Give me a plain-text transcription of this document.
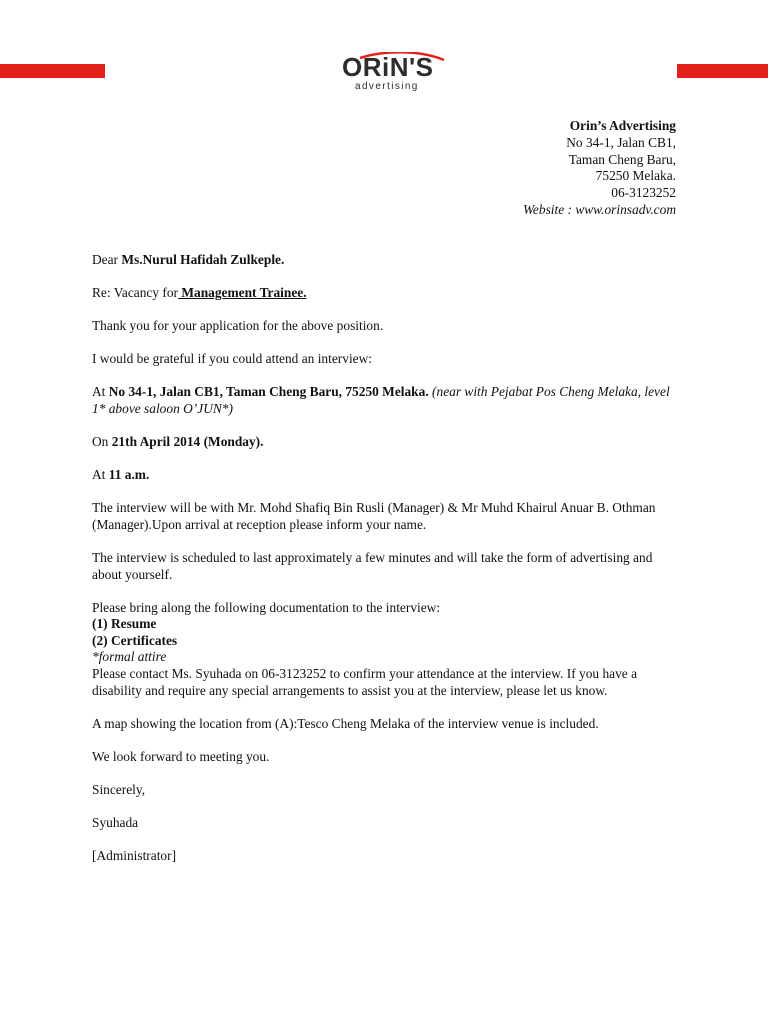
ORiN'S
advertising
Orin’s Advertising
No 34-1, Jalan CB1,
Taman Cheng Baru,
75250 Melaka.
06-3123252
Website : www.orinsadv.com

Dear Ms.Nurul Hafidah Zulkeple.

Re: Vacancy for Management Trainee.

Thank you for your application for the above position.

I would be grateful if you could attend an interview:

At No 34-1, Jalan CB1, Taman Cheng Baru, 75250 Melaka. (near with Pejabat Pos Cheng Melaka, level 1* above saloon O’JUN*)

On 21th April 2014 (Monday).

At 11 a.m.

The interview will be with Mr. Mohd Shafiq Bin Rusli (Manager) & Mr Muhd Khairul Anuar B. Othman (Manager).Upon arrival at reception please inform your name.

The interview is scheduled to last approximately a few minutes and will take the form of advertising and about yourself.

Please bring along the following documentation to the interview:

(1) Resume

(2) Certificates

*formal attire

Please contact Ms. Syuhada on 06-3123252 to confirm your attendance at the interview. If you have a disability and require any special arrangements to assist you at the interview, please let us know.

A map showing the location from (A):Tesco Cheng Melaka of the interview venue is included.

We look forward to meeting you.

Sincerely,

Syuhada

[Administrator]
